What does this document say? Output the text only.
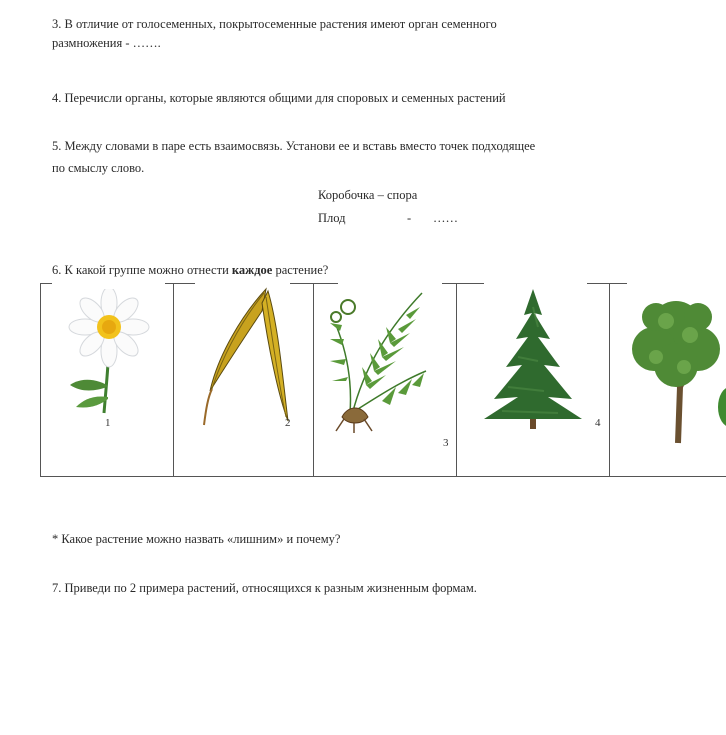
3. В отличие от голосеменных, покрытосеменные растения имеют орган семенного
размножения - …….
4. Перечисли органы, которые являются общими для споровых и семенных растений
5. Между словами в паре есть взаимосвязь. Установи ее и вставь вместо точек подходящее
по смыслу слово.
Коробочка – спора
Плод	- ……
6. К какой группе можно отнести каждое растение?
1	2
3
4
* Какое растение можно назвать «лишним» и почему?
7. Приведи по 2 примера растений, относящихся к разным жизненным формам.
